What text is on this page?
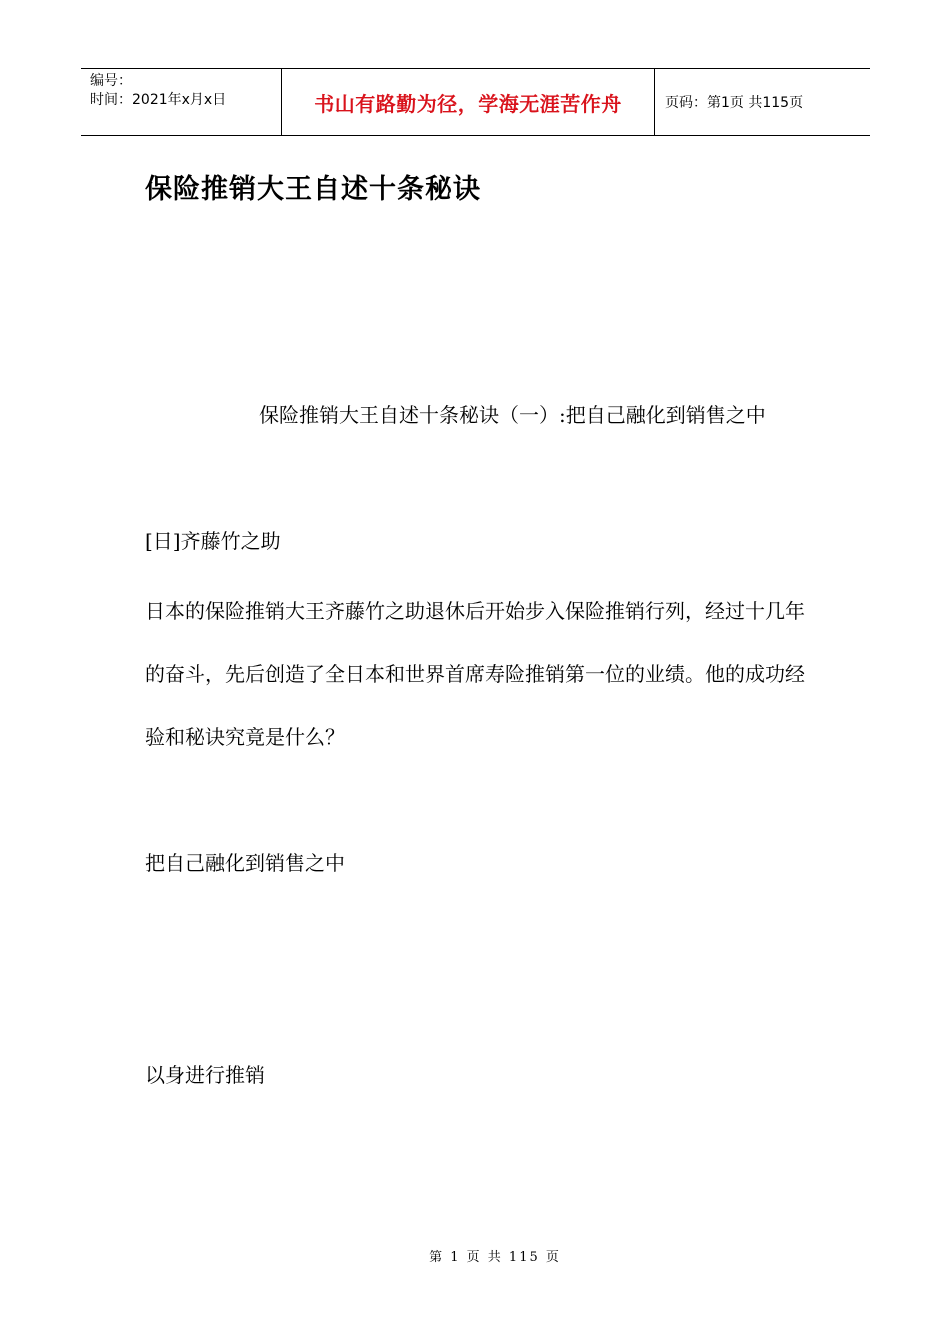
编号：
时间：2021年x月x日	书山有路勤为径，学海无涯苦作舟	页码：第1页 共115页
保险推销大王自述十条秘诀

保险推销大王自述十条秘诀（一）:把自己融化到销售之中

[日]齐藤竹之助

日本的保险推销大王齐藤竹之助退休后开始步入保险推销行列，经过十几年的奋斗，先后创造了全日本和世界首席寿险推销第一位的业绩。他的成功经验和秘诀究竟是什么？

把自己融化到销售之中

以身进行推销

第 1 页 共 115 页
